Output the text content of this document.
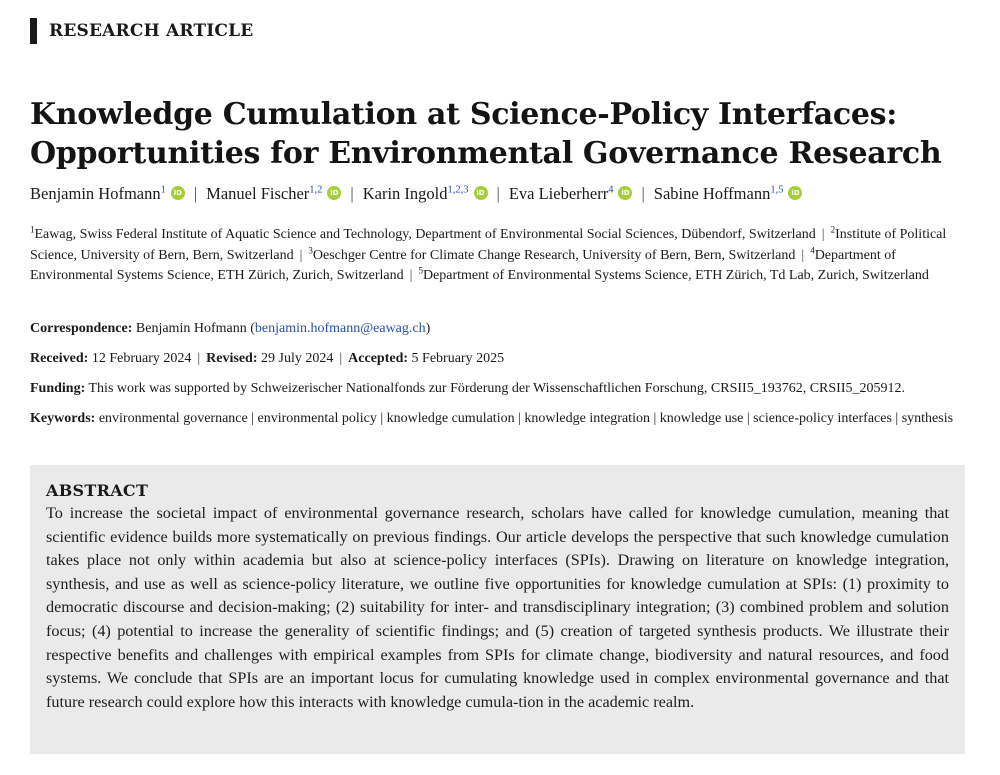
RESEARCH ARTICLE
Knowledge Cumulation at Science-Policy Interfaces:
Opportunities for Environmental Governance Research
Benjamin Hofmann$^1$ iD | Manuel Fischer$^{1,2}$ iD | Karin Ingold$^{1,2,3}$ iD | Eva Lieberherr$^4$ iD | Sabine Hoffmann$^{1,5}$ iD
$^1$Eawag, Swiss Federal Institute of Aquatic Science and Technology, Department of Environmental Social Sciences, Dübendorf, Switzerland | $^2$Institute of Political Science, University of Bern, Bern, Switzerland | $^3$Oeschger Centre for Climate Change Research, University of Bern, Bern, Switzerland | $^4$Department of Environmental Systems Science, ETH Zürich, Zurich, Switzerland | $^5$Department of Environmental Systems Science, ETH Zürich, Td Lab, Zurich, Switzerland
Correspondence: Benjamin Hofmann (benjamin.hofmann@eawag.ch)
Received: 12 February 2024 | Revised: 29 July 2024 | Accepted: 5 February 2025
Funding: This work was supported by Schweizerischer Nationalfonds zur Förderung der Wissenschaftlichen Forschung, CRSII5_193762, CRSII5_205912.
Keywords: environmental governance | environmental policy | knowledge cumulation | knowledge integration | knowledge use | science-policy interfaces | synthesis
ABSTRACT

To increase the societal impact of environmental governance research, scholars have called for knowledge cumulation, meaning that scientific evidence builds more systematically on previous findings. Our article develops the perspective that such knowledge cumulation takes place not only within academia but also at science-policy interfaces (SPIs). Drawing on literature on knowledge integration, synthesis, and use as well as science-policy literature, we outline five opportunities for knowledge cumulation at SPIs: (1) proximity to democratic discourse and decision-making; (2) suitability for inter- and transdisciplinary integration; (3) combined problem and solution focus; (4) potential to increase the generality of scientific findings; and (5) creation of targeted synthesis products. We illustrate their respective benefits and challenges with empirical examples from SPIs for climate change, biodiversity and natural resources, and food systems. We conclude that SPIs are an important locus for cumulating knowledge used in complex environmental governance and that future research could explore how this interacts with knowledge cumula-tion in the academic realm.
